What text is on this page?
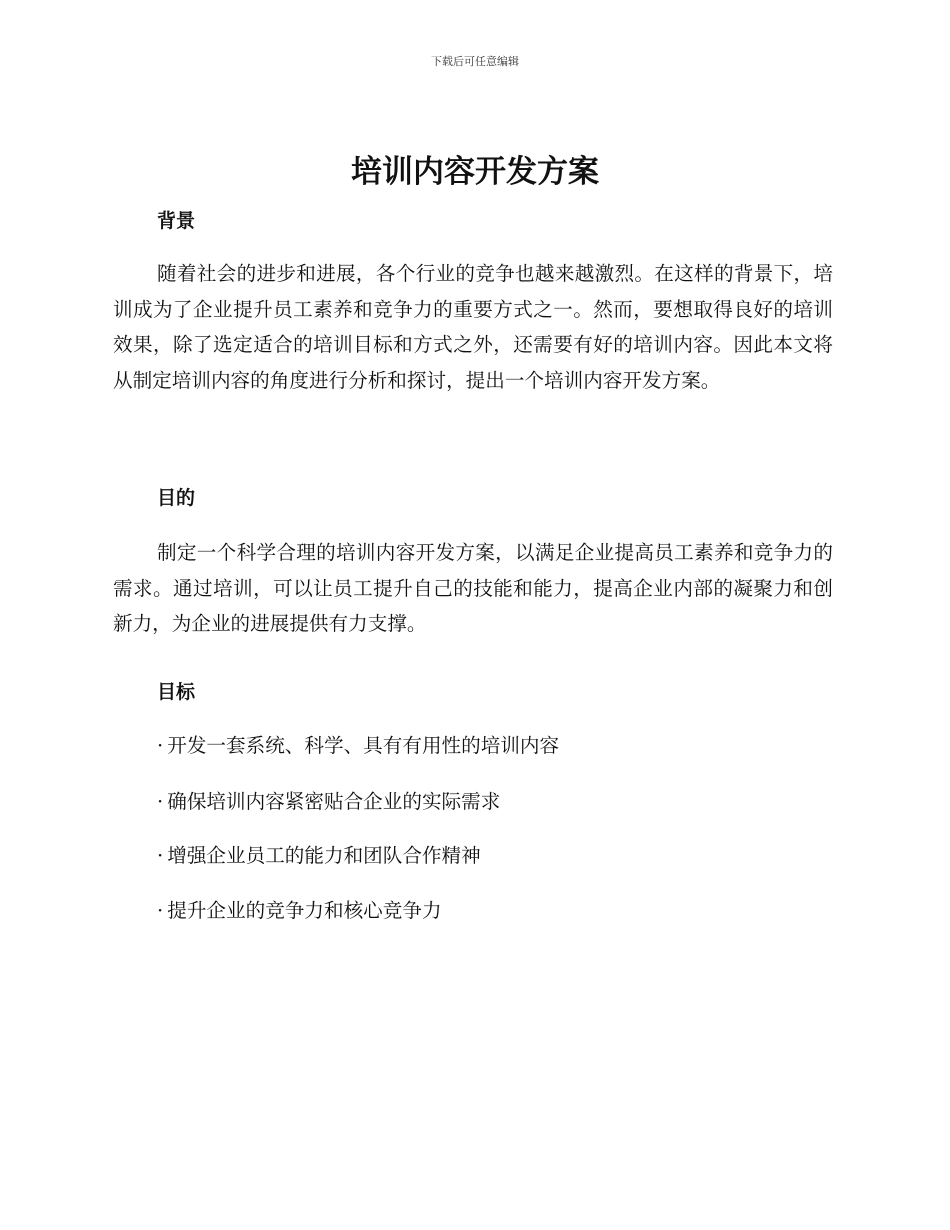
下载后可任意编辑
培训内容开发方案
背景

随着社会的进步和进展，各个行业的竞争也越来越激烈。在这样的背景下，培训成为了企业提升员工素养和竞争力的重要方式之一。然而，要想取得良好的培训效果，除了选定适合的培训目标和方式之外，还需要有好的培训内容。因此本文将从制定培训内容的角度进行分析和探讨，提出一个培训内容开发方案。

目的

制定一个科学合理的培训内容开发方案，以满足企业提高员工素养和竞争力的需求。通过培训，可以让员工提升自己的技能和能力，提高企业内部的凝聚力和创新力，为企业的进展提供有力支撑。

目标
· 开发一套系统、科学、具有有用性的培训内容
· 确保培训内容紧密贴合企业的实际需求
· 增强企业员工的能力和团队合作精神
· 提升企业的竞争力和核心竞争力
